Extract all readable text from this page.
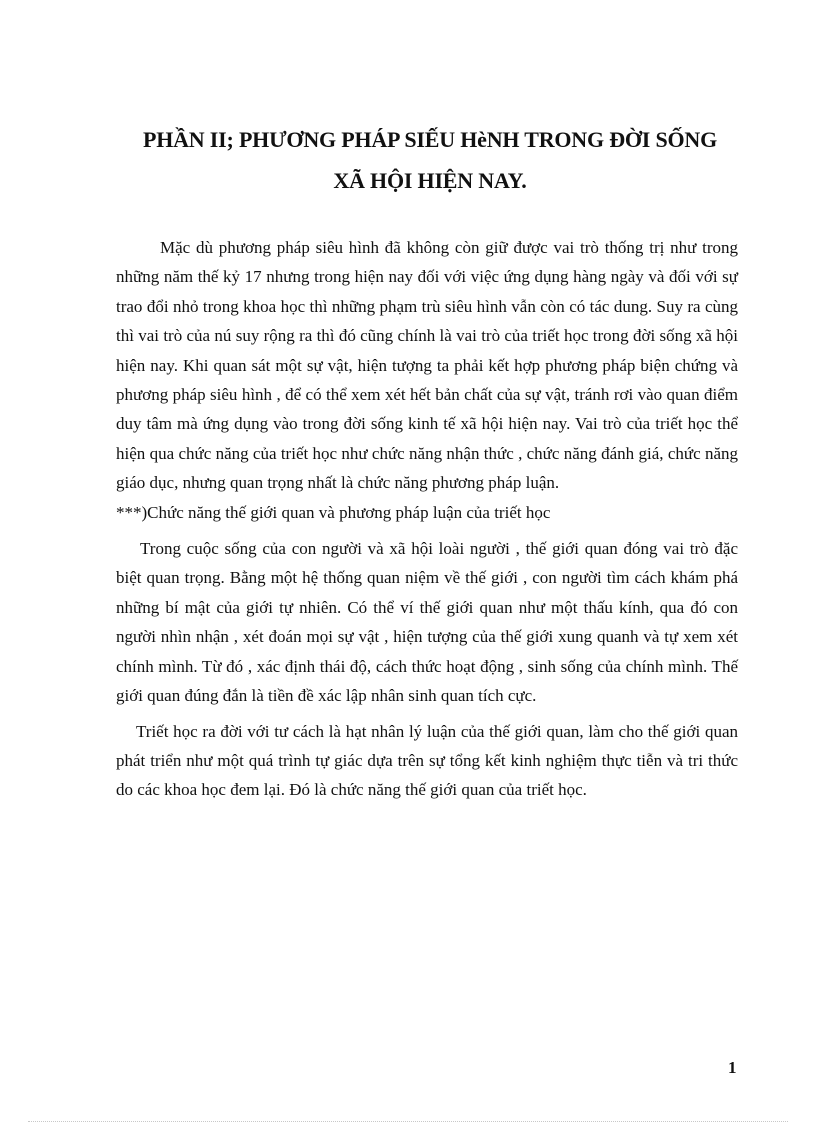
PHẦN II; PHƯƠNG PHÁP SIẾU HèNH TRONG ĐỜI SỐNG
XÃ HỘI HIỆN NAY.

Mặc dù phương pháp siêu hình đã không còn giữ được vai trò thống trị như trong những năm thế kỷ 17 nhưng trong hiện nay đối với việc ứng dụng hàng ngày và đối với sự trao đổi nhỏ trong khoa học thì những phạm trù siêu hình vẫn còn có tác dung. Suy ra cùng thì vai trò của nú suy rộng ra thì đó cũng chính là vai trò của triết học trong đời sống xã hội hiện nay. Khi quan sát một sự vật, hiện tượng ta phải kết hợp phương pháp biện chứng và phương pháp siêu hình , để có thể xem xét hết bản chất của sự vật, tránh rơi vào quan điểm duy tâm mà ứng dụng vào trong đời sống kinh tế xã hội hiện nay. Vai trò của triết học thể hiện qua chức năng của triết học như chức năng nhận thức , chức năng đánh giá, chức năng giáo dục, nhưng quan trọng nhất là chức năng phương pháp luận.

***)Chức năng thế giới quan và phương pháp luận của triết học

Trong cuộc sống của con người và xã hội loài người , thế giới quan đóng vai trò đặc biệt quan trọng. Bằng một hệ thống quan niệm về thế giới , con người tìm cách khám phá những bí mật của giới tự nhiên. Có thể ví thế giới quan như một thấu kính, qua đó con người nhìn nhận , xét đoán mọi sự vật , hiện tượng của thế giới xung quanh và tự xem xét chính mình. Từ đó , xác định thái độ, cách thức hoạt động , sinh sống của chính mình. Thế giới quan đúng đắn là tiền đề xác lập nhân sinh quan tích cực.

Triết học ra đời với tư cách là hạt nhân lý luận của thế giới quan, làm cho thế giới quan phát triển như một quá trình tự giác dựa trên sự tổng kết kinh nghiệm thực tiễn và tri thức do các khoa học đem lại. Đó là chức năng thế giới quan của triết học.

1
